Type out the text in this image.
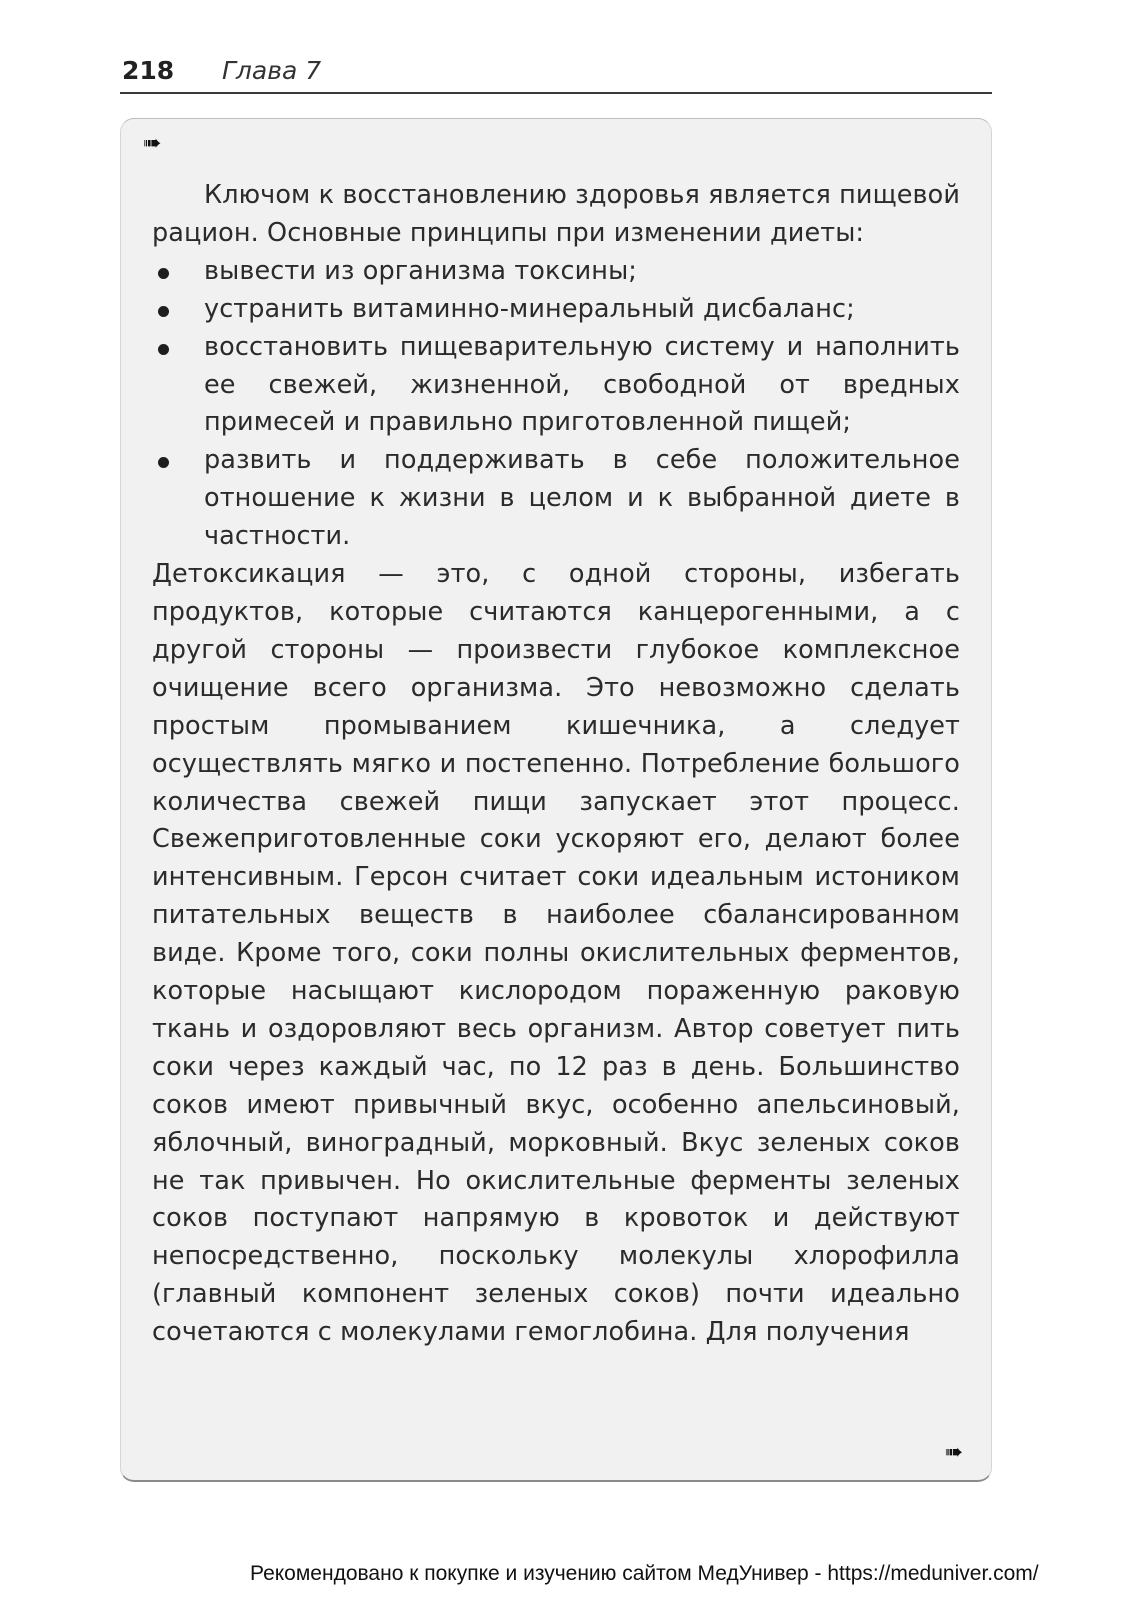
218 Глава 7
➠

Ключом к восстановлению здоровья является пищевой рацион. Основные принципы при изменении диеты:

вывести из организма токсины;
устранить витаминно-минеральный дисбаланс;
восстановить пищеварительную систему и наполнить ее свежей, жизненной, свободной от вредных примесей и правильно приготовленной пищей;
развить и поддерживать в себе положительное отношение к жизни в целом и к выбранной диете в частности.

Детоксикация — это, с одной стороны, избегать продуктов, которые считаются канцерогенными, а с другой стороны — произвести глубокое комплексное очищение всего организма. Это невозможно сделать простым промыванием кишечника, а следует осуществлять мягко и постепенно. Потребление большого количества свежей пищи запускает этот процесс. Свежеприготовленные соки ускоряют его, делают более интенсивным. Герсон считает соки идеальным истоником питательных веществ в наиболее сбалансированном виде. Кроме того, соки полны окислительных ферментов, которые насыщают кислородом пораженную раковую ткань и оздоровляют весь организм. Автор советует пить соки через каждый час, по 12 раз в день. Большинство соков имеют привычный вкус, особенно апельсиновый, яблочный, виноградный, морковный. Вкус зеленых соков не так привычен. Но окислительные ферменты зеленых соков поступают напрямую в кровоток и действуют непосредственно, поскольку молекулы хлорофилла (главный компонент зеленых соков) почти идеально сочетаются с молекулами гемоглобина. Для получения

➠
Рекомендовано к покупке и изучению сайтом МедУнивер - https://meduniver.com/
